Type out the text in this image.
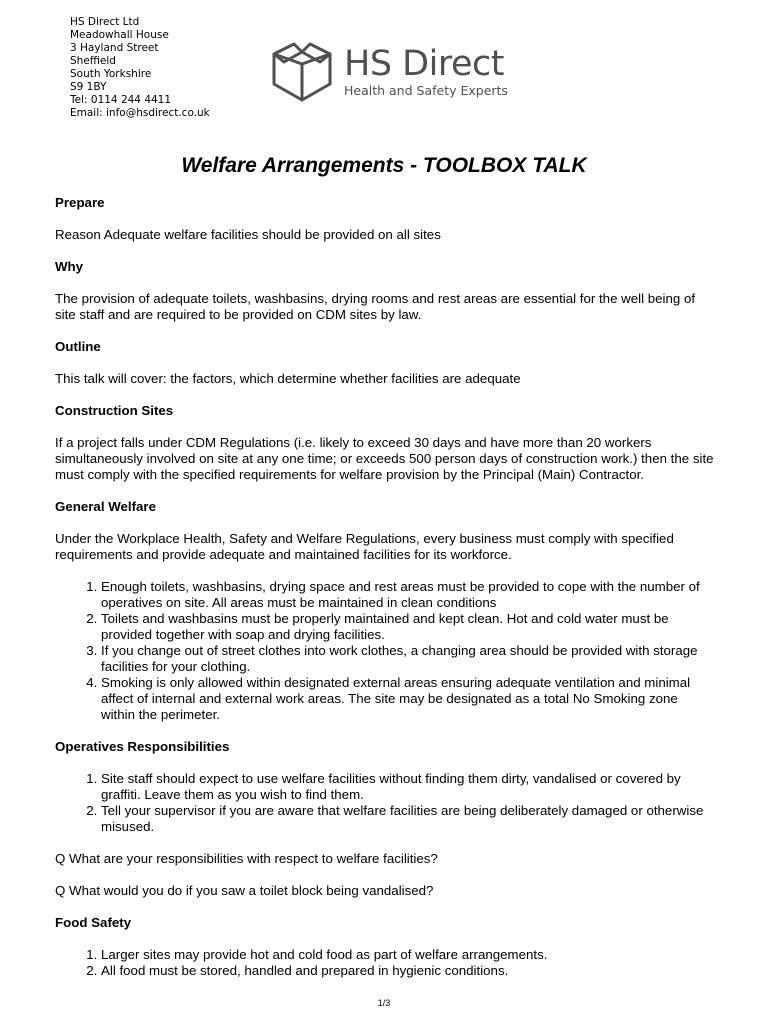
HS Direct Ltd
Meadowhall House
3 Hayland Street
Sheffield
South Yorkshire
S9 1BY
Tel: 0114 244 4411
Email: info@hsdirect.co.uk
HS Direct
Health and Safety Experts
Welfare Arrangements - TOOLBOX TALK
Prepare
Reason Adequate welfare facilities should be provided on all sites
Why
The provision of adequate toilets, washbasins, drying rooms and rest areas are essential for the well being of site staff and are required to be provided on CDM sites by law.
Outline
This talk will cover: the factors, which determine whether facilities are adequate
Construction Sites
If a project falls under CDM Regulations (i.e. likely to exceed 30 days and have more than 20 workers simultaneously involved on site at any one time; or exceeds 500 person days of construction work.) then the site must comply with the specified requirements for welfare provision by the Principal (Main) Contractor.
General Welfare
Under the Workplace Health, Safety and Welfare Regulations, every business must comply with specified requirements and provide adequate and maintained facilities for its workforce.
1. Enough toilets, washbasins, drying space and rest areas must be provided to cope with the number of operatives on site. All areas must be maintained in clean conditions
2. Toilets and washbasins must be properly maintained and kept clean. Hot and cold water must be provided together with soap and drying facilities.
3. If you change out of street clothes into work clothes, a changing area should be provided with storage facilities for your clothing.
4. Smoking is only allowed within designated external areas ensuring adequate ventilation and minimal affect of internal and external work areas. The site may be designated as a total No Smoking zone within the perimeter.
Operatives Responsibilities
1. Site staff should expect to use welfare facilities without finding them dirty, vandalised or covered by graffiti. Leave them as you wish to find them.
2. Tell your supervisor if you are aware that welfare facilities are being deliberately damaged or otherwise misused.
Q What are your responsibilities with respect to welfare facilities?
Q What would you do if you saw a toilet block being vandalised?
Food Safety
1. Larger sites may provide hot and cold food as part of welfare arrangements.
2. All food must be stored, handled and prepared in hygienic conditions.
1/3
